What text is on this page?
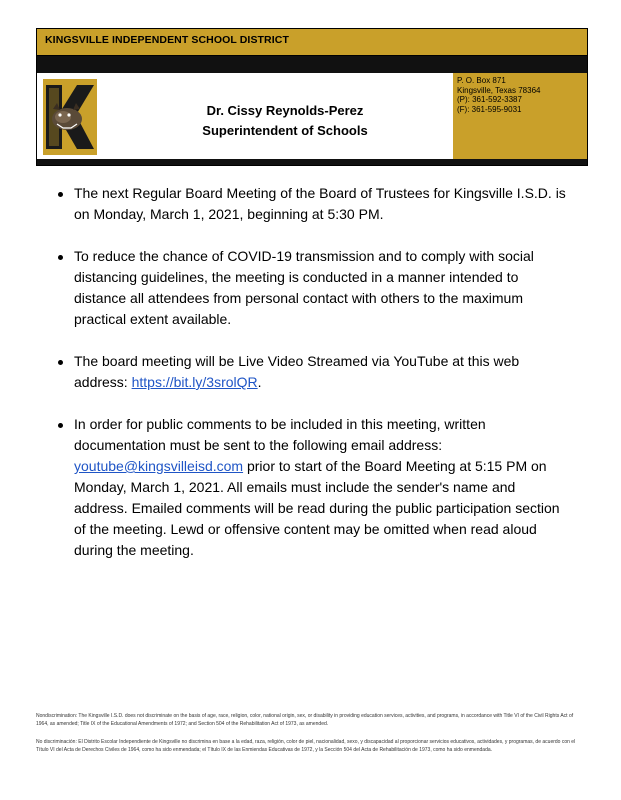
KINGSVILLE INDEPENDENT SCHOOL DISTRICT
Dr. Cissy Reynolds-Perez
Superintendent of Schools
P. O. Box 871
Kingsville, Texas 78364
(P): 361-592-3387
(F): 361-595-9031
The next Regular Board Meeting of the Board of Trustees for Kingsville I.S.D. is on Monday, March 1, 2021, beginning at 5:30 PM.
To reduce the chance of COVID-19 transmission and to comply with social distancing guidelines, the meeting is conducted in a manner intended to distance all attendees from personal contact with others to the maximum practical extent available.
The board meeting will be Live Video Streamed via YouTube at this web address: https://bit.ly/3srolQR.
In order for public comments to be included in this meeting, written documentation must be sent to the following email address: youtube@kingsvilleisd.com prior to start of the Board Meeting at 5:15 PM on Monday, March 1, 2021. All emails must include the sender's name and address. Emailed comments will be read during the public participation section of the meeting. Lewd or offensive content may be omitted when read aloud during the meeting.

Nondiscrimination: The Kingsville I.S.D. does not discriminate on the basis of age, race, religion, color, national origin, sex, or disability in providing education services, activities, and programs, in accordance with Title VI of the Civil Rights Act of 1964, as amended; Title IX of the Educational Amendments of 1972; and Section 504 of the Rehabilitation Act of 1973, as amended.

No discriminación: El Distrito Escolar Independiente de Kingsville no discrimina en base a la edad, raza, religión, color de piel, nacionalidad, sexo, y discapacidad al proporcionar servicios educativos, actividades, y programas, de acuerdo con el Título VI del Acta de Derechos Civiles de 1964, como ha sido enmendada; el Título IX de las Enmiendas Educativas de 1972, y la Sección 504 del Acta de Rehabilitación de 1973, como ha sido enmendada.
